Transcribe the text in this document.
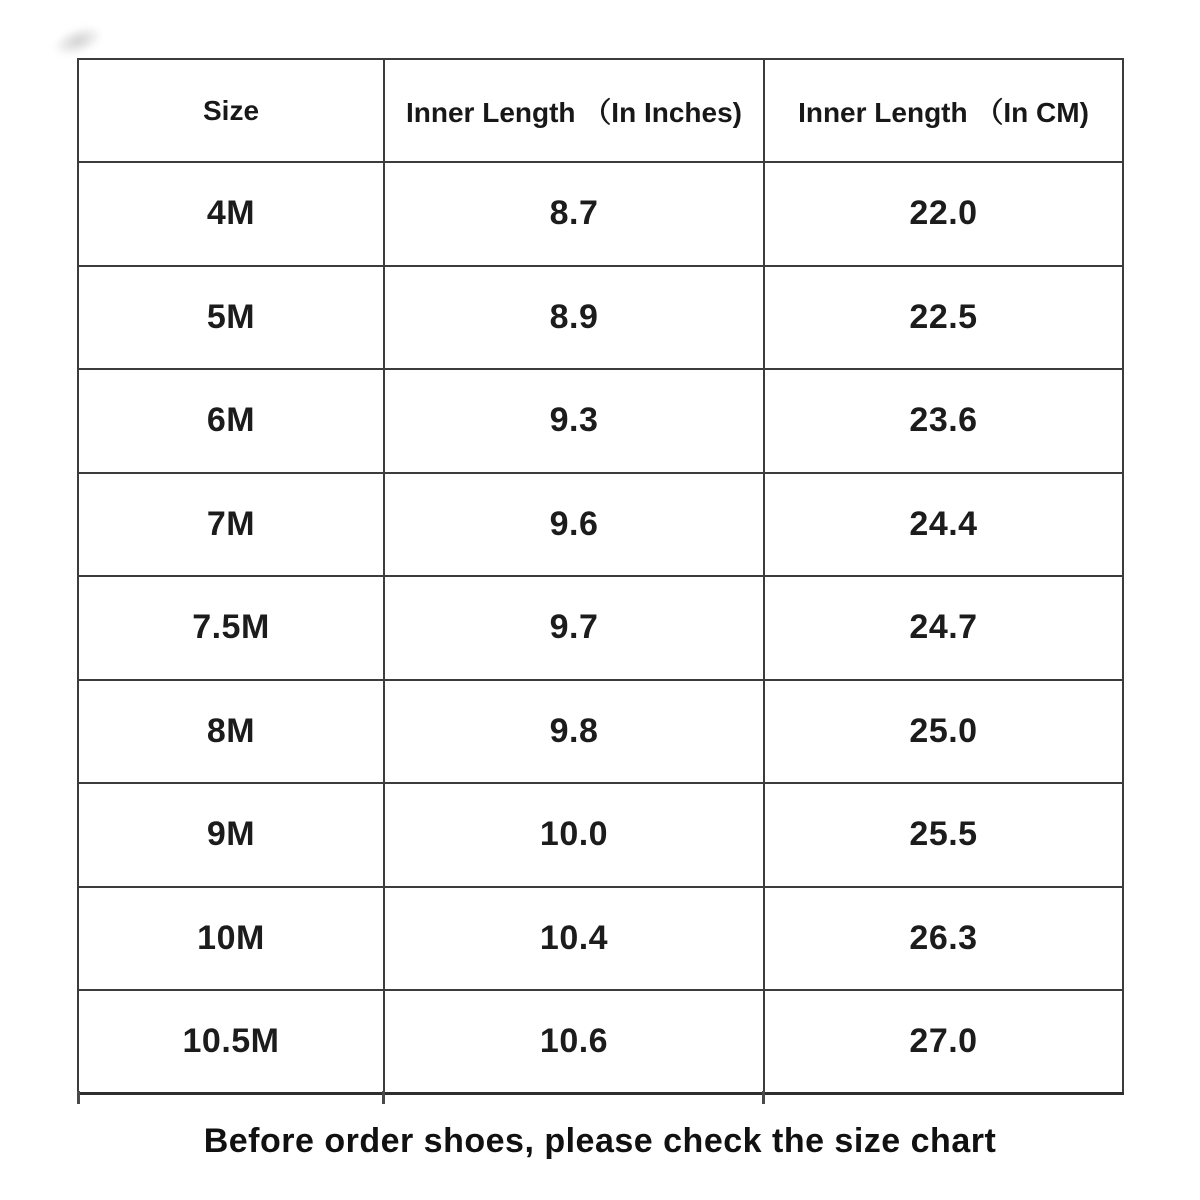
Size	Inner Length （In Inches)	Inner Length （In CM)
4M	8.7	22.0
5M	8.9	22.5
6M	9.3	23.6
7M	9.6	24.4
7.5M	9.7	24.7
8M	9.8	25.0
9M	10.0	25.5
10M	10.4	26.3
10.5M	10.6	27.0
Before order shoes, please check the size chart
